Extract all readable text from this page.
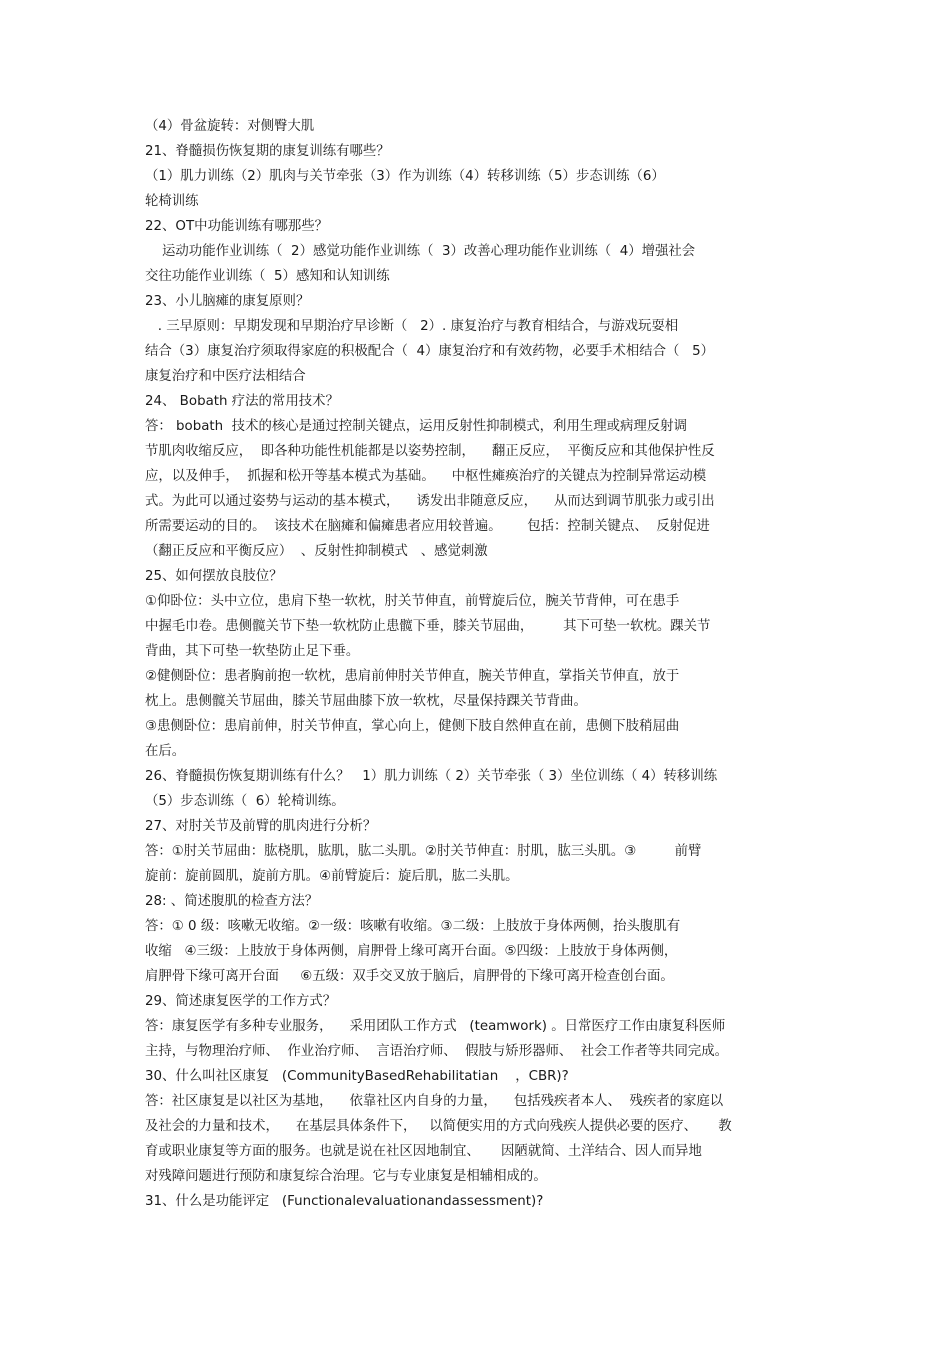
（4）骨盆旋转：对侧臀大肌
21、脊髓损伤恢复期的康复训练有哪些？
（1）肌力训练（2）肌肉与关节牵张（3）作为训练（4）转移训练（5）步态训练（6）
轮椅训练
22、OT中功能训练有哪那些？
运动功能作业训练（  2）感觉功能作业训练（  3）改善心理功能作业训练（  4）增强社会
交往功能作业训练（  5）感知和认知训练
23、小儿脑瘫的康复原则？
. 三早原则：早期发现和早期治疗早诊断（   2）. 康复治疗与教育相结合，与游戏玩耍相
结合（3）康复治疗须取得家庭的积极配合（  4）康复治疗和有效药物，必要手术相结合（   5）
康复治疗和中医疗法相结合
24、 Bobath 疗法的常用技术？
答： bobath  技术的核心是通过控制关键点，运用反射性抑制模式，利用生理或病理反射调
节肌肉收缩反应，  即各种功能性机能都是以姿势控制，    翻正反应，  平衡反应和其他保护性反
应，以及伸手，  抓握和松开等基本模式为基础。    中枢性瘫痪治疗的关键点为控制异常运动模
式。为此可以通过姿势与运动的基本模式，    诱发出非随意反应，    从而达到调节肌张力或引出
所需要运动的目的。  该技术在脑瘫和偏瘫患者应用较普遍。      包括：控制关键点、  反射促进
（翻正反应和平衡反应）  、反射性抑制模式   、感觉刺激
25、如何摆放良肢位？
①仰卧位：头中立位，患肩下垫一软枕，肘关节伸直，前臂旋后位，腕关节背伸，可在患手
中握毛巾卷。患侧髋关节下垫一软枕防止患髋下垂，膝关节屈曲，       其下可垫一软枕。踝关节
背曲，其下可垫一软垫防止足下垂。
②健侧卧位：患者胸前抱一软枕，患肩前伸肘关节伸直，腕关节伸直，掌指关节伸直，放于
枕上。患侧髋关节屈曲，膝关节屈曲膝下放一软枕，尽量保持踝关节背曲。
③患侧卧位：患肩前伸，肘关节伸直，掌心向上，健侧下肢自然伸直在前，患侧下肢稍屈曲
在后。
26、脊髓损伤恢复期训练有什么？   1）肌力训练（ 2）关节牵张（ 3）坐位训练（ 4）转移训练
（5）步态训练（  6）轮椅训练。
27、对肘关节及前臂的肌肉进行分析？
答：①肘关节屈曲：肱桡肌，肱肌，肱二头肌。②肘关节伸直：肘肌，肱三头肌。③         前臂
旋前：旋前圆肌，旋前方肌。④前臂旋后：旋后肌，肱二头肌。
28: 、简述腹肌的检查方法？
答：① 0 级：咳嗽无收缩。②一级：咳嗽有收缩。③二级：上肢放于身体两侧，抬头腹肌有
收缩   ④三级：上肢放于身体两侧，肩胛骨上缘可离开台面。⑤四级：上肢放于身体两侧，
肩胛骨下缘可离开台面     ⑥五级：双手交叉放于脑后，肩胛骨的下缘可离开检查创台面。
29、简述康复医学的工作方式？
答：康复医学有多种专业服务，    采用团队工作方式   (teamwork) 。日常医疗工作由康复科医师
主持，与物理治疗师、  作业治疗师、  言语治疗师、  假肢与矫形器师、  社会工作者等共同完成。
30、什么叫社区康复   (CommunityBasedRehabilitatian    ，CBR)?
答：社区康复是以社区为基地，    依靠社区内自身的力量，    包括残疾者本人、  残疾者的家庭以
及社会的力量和技术，    在基层具体条件下，   以简便实用的方式向残疾人提供必要的医疗、     教
育或职业康复等方面的服务。也就是说在社区因地制宜、     因陋就简、土洋结合、因人而异地
对残障问题进行预防和康复综合治理。它与专业康复是相辅相成的。
31、什么是功能评定   (Functionalevaluationandassessment)?
